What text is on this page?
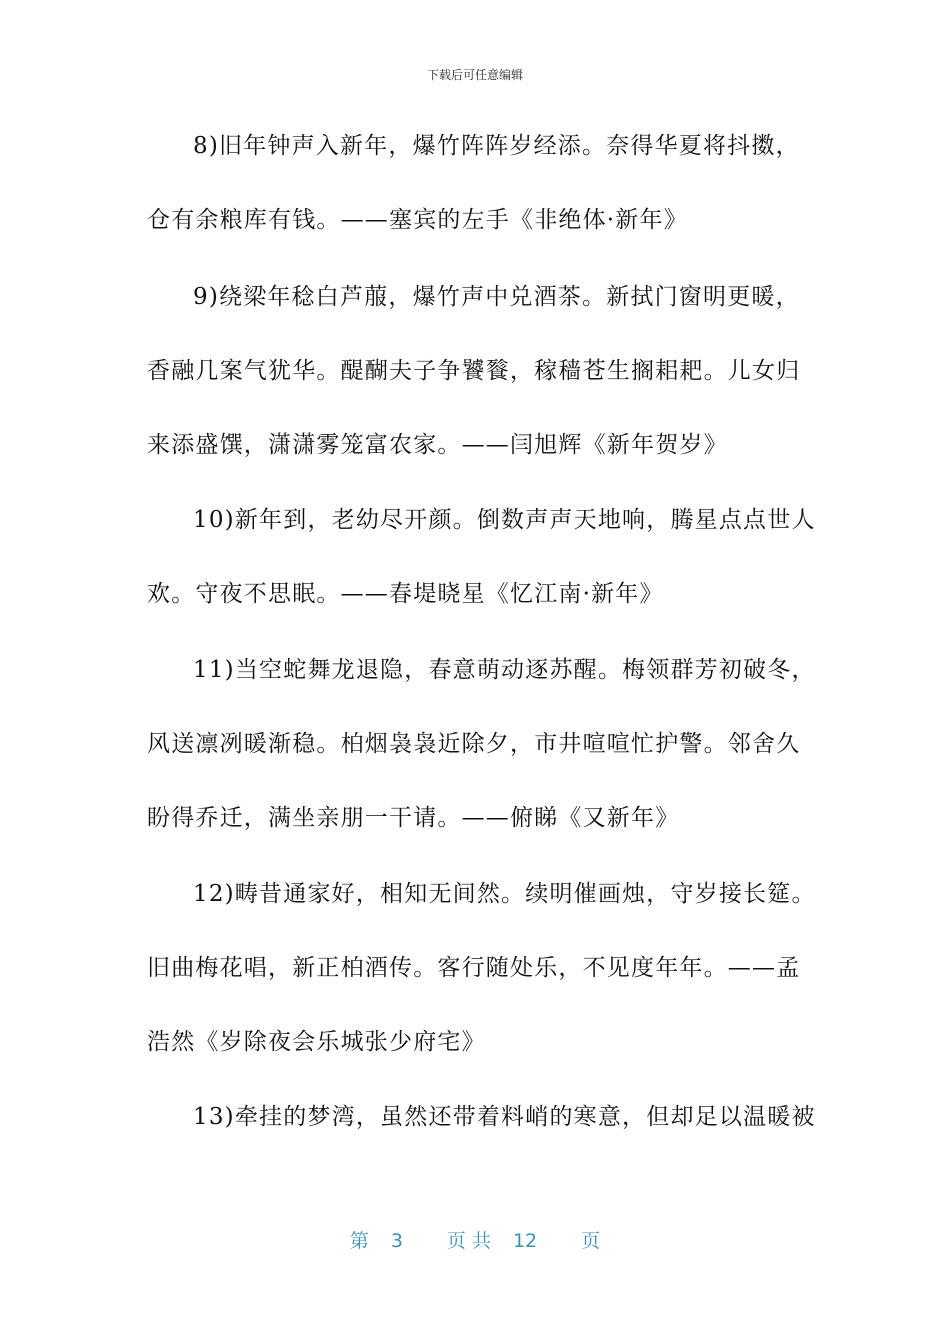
下载后可任意编辑
8)旧年钟声入新年，爆竹阵阵岁经添。奈得华夏将抖擞，
仓有余粮库有钱。——塞宾的左手《非绝体·新年》
9)绕梁年稔白芦菔，爆竹声中兑酒茶。新拭门窗明更暖，
香融几案气犹华。醍醐夫子争饕餮，稼穑苍生搁耜耙。儿女归
来添盛馔，潇潇雾笼富农家。——闫旭辉《新年贺岁》
10)新年到，老幼尽开颜。倒数声声天地响，腾星点点世人
欢。守夜不思眠。——春堤晓星《忆江南·新年》
11)当空蛇舞龙退隐，春意萌动逐苏醒。梅领群芳初破冬，
风送凛冽暖渐稳。柏烟袅袅近除夕，市井喧喧忙护警。邻舍久
盼得乔迁，满坐亲朋一干请。——俯睇《又新年》
12)畴昔通家好，相知无间然。续明催画烛，守岁接长筵。
旧曲梅花唱，新正柏酒传。客行随处乐，不见度年年。——孟
浩然《岁除夜会乐城张少府宅》
13)牵挂的梦湾，虽然还带着料峭的寒意，但却足以温暖被
第 3 页 共 12 页
